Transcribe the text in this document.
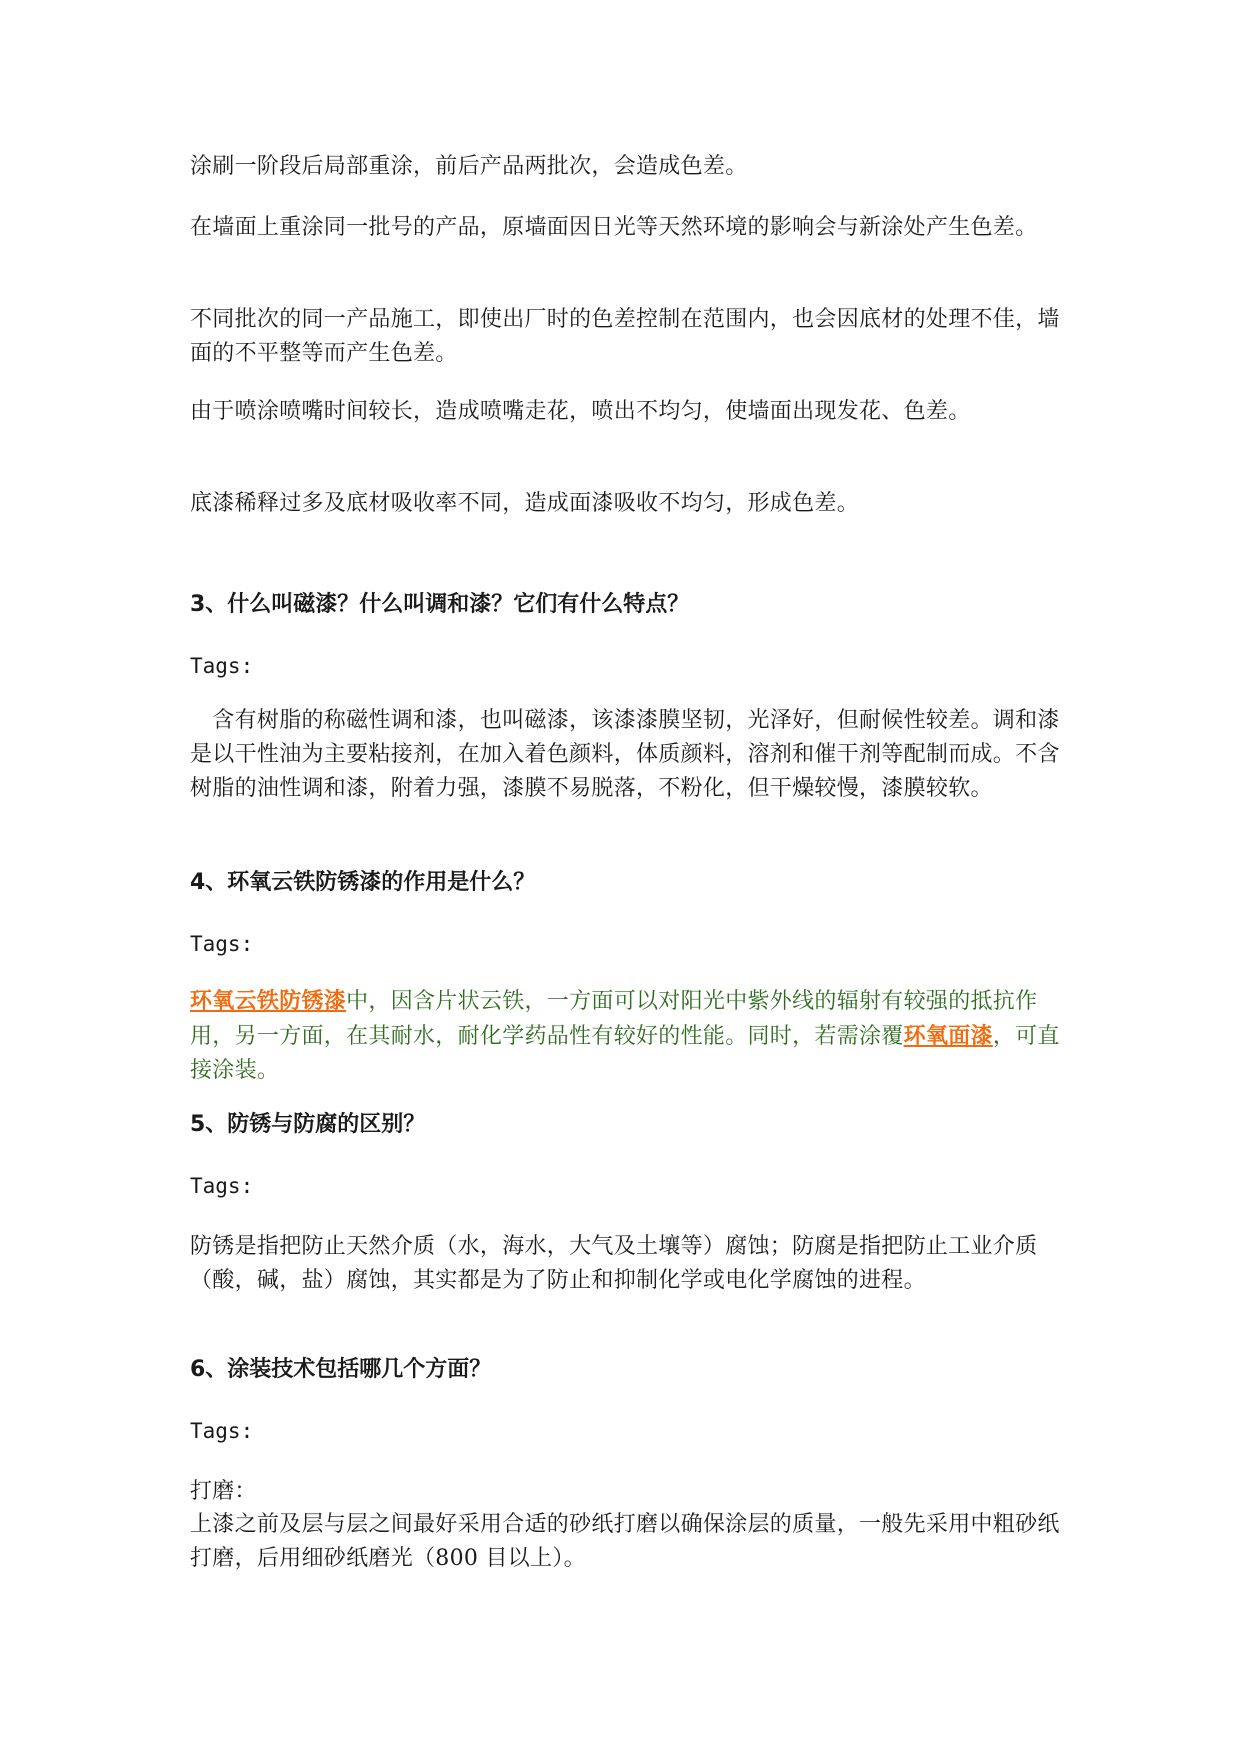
涂刷一阶段后局部重涂，前后产品两批次，会造成色差。
在墙面上重涂同一批号的产品，原墙面因日光等天然环境的影响会与新涂处产生色差。
不同批次的同一产品施工，即使出厂时的色差控制在范围内，也会因底材的处理不佳，墙面的不平整等而产生色差。
由于喷涂喷嘴时间较长，造成喷嘴走花，喷出不均匀，使墙面出现发花、色差。
底漆稀释过多及底材吸收率不同，造成面漆吸收不均匀，形成色差。
3、什么叫磁漆？什么叫调和漆？它们有什么特点？
Tags:
　含有树脂的称磁性调和漆，也叫磁漆，该漆漆膜坚韧，光泽好，但耐候性较差。调和漆是以干性油为主要粘接剂，在加入着色颜料，体质颜料，溶剂和催干剂等配制而成。不含树脂的油性调和漆，附着力强，漆膜不易脱落，不粉化，但干燥较慢，漆膜较软。
4、环氧云铁防锈漆的作用是什么？
Tags:
环氧云铁防锈漆中，因含片状云铁，一方面可以对阳光中紫外线的辐射有较强的抵抗作用，另一方面，在其耐水，耐化学药品性有较好的性能。同时，若需涂覆环氧面漆，可直接涂装。
5、防锈与防腐的区别？
Tags:
防锈是指把防止天然介质（水，海水，大气及土壤等）腐蚀；防腐是指把防止工业介质（酸，碱，盐）腐蚀，其实都是为了防止和抑制化学或电化学腐蚀的进程。
6、涂装技术包括哪几个方面？
Tags:
打磨：
上漆之前及层与层之间最好采用合适的砂纸打磨以确保涂层的质量，一般先采用中粗砂纸打磨，后用细砂纸磨光（800 目以上）。
